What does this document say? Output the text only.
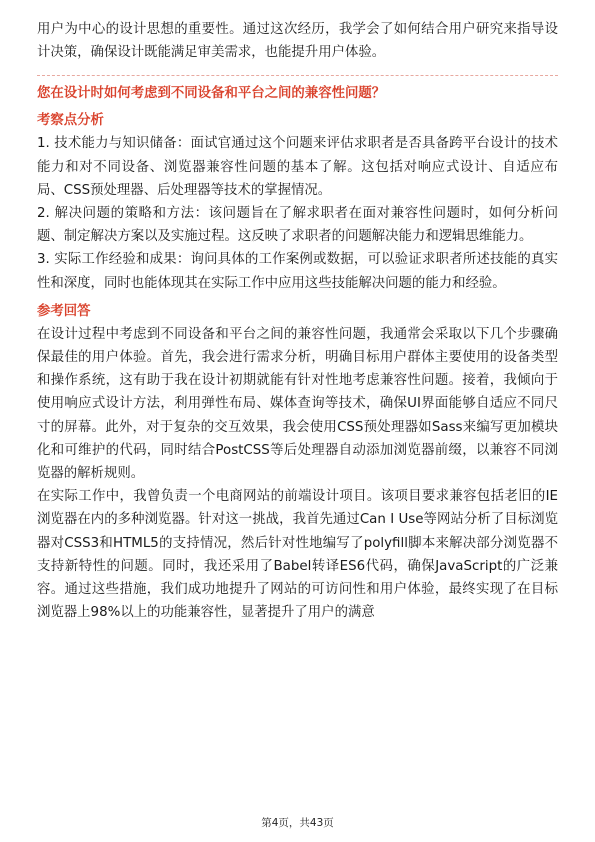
用户为中心的设计思想的重要性。通过这次经历，我学会了如何结合用户研究来指导设计决策，确保设计既能满足审美需求，也能提升用户体验。

您在设计时如何考虑到不同设备和平台之间的兼容性问题？

考察点分析

1. 技术能力与知识储备：面试官通过这个问题来评估求职者是否具备跨平台设计的技术能力和对不同设备、浏览器兼容性问题的基本了解。这包括对响应式设计、自适应布局、CSS预处理器、后处理器等技术的掌握情况。

2. 解决问题的策略和方法：该问题旨在了解求职者在面对兼容性问题时，如何分析问题、制定解决方案以及实施过程。这反映了求职者的问题解决能力和逻辑思维能力。

3. 实际工作经验和成果：询问具体的工作案例或数据，可以验证求职者所述技能的真实性和深度，同时也能体现其在实际工作中应用这些技能解决问题的能力和经验。

参考回答

在设计过程中考虑到不同设备和平台之间的兼容性问题，我通常会采取以下几个步骤确保最佳的用户体验。首先，我会进行需求分析，明确目标用户群体主要使用的设备类型和操作系统，这有助于我在设计初期就能有针对性地考虑兼容性问题。接着，我倾向于使用响应式设计方法，利用弹性布局、媒体查询等技术，确保UI界面能够自适应不同尺寸的屏幕。此外，对于复杂的交互效果，我会使用CSS预处理器如Sass来编写更加模块化和可维护的代码，同时结合PostCSS等后处理器自动添加浏览器前缀，以兼容不同浏览器的解析规则。

在实际工作中，我曾负责一个电商网站的前端设计项目。该项目要求兼容包括老旧的IE浏览器在内的多种浏览器。针对这一挑战，我首先通过Can I Use等网站分析了目标浏览器对CSS3和HTML5的支持情况，然后针对性地编写了polyfill脚本来解决部分浏览器不支持新特性的问题。同时，我还采用了Babel转译ES6代码，确保JavaScript的广泛兼容。通过这些措施，我们成功地提升了网站的可访问性和用户体验，最终实现了在目标浏览器上98%以上的功能兼容性，显著提升了用户的满意

第4页，共43页
